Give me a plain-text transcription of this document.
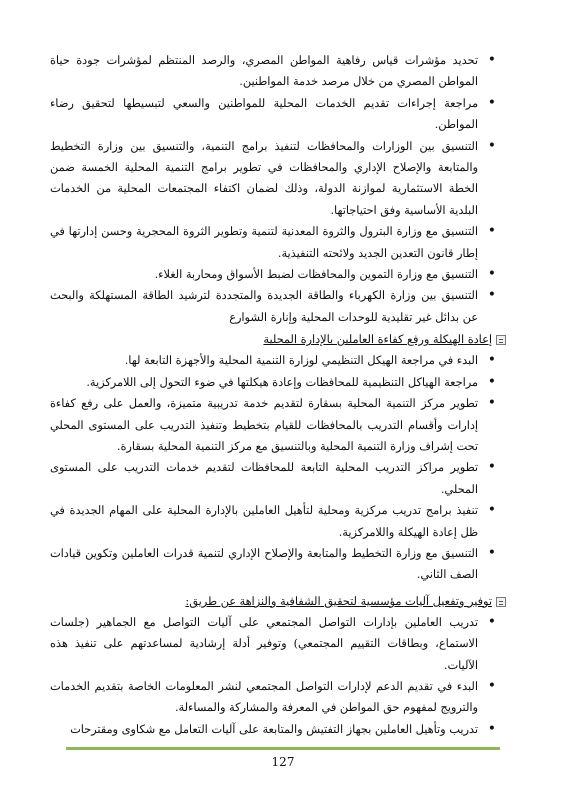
• تحديد مؤشرات قياس رفاهية المواطن المصري، والرصد المنتظم لمؤشرات جودة حياة المواطن المصري من خلال مرصد خدمة المواطنين.
• مراجعة إجراءات تقديم الخدمات المحلية للمواطنين والسعي لتبسيطها لتحقيق رضاء المواطن.
• التنسيق بين الوزارات والمحافظات لتنفيذ برامج التنمية، والتنسيق بين وزارة التخطيط والمتابعة والإصلاح الإداري والمحافظات في تطوير برامج التنمية المحلية الخمسة ضمن الخطة الاستثمارية لموازنة الدولة، وذلك لضمان اكتفاء المجتمعات المحلية من الخدمات البلدية الأساسية وفق احتياجاتها.
• التنسيق مع وزارة البترول والثروة المعدنية لتنمية وتطوير الثروة المحجرية وحسن إدارتها في إطار قانون التعدين الجديد ولائحته التنفيذية.
• التنسيق مع وزارة التموين والمحافظات لضبط الأسواق ومحاربة الغلاء.
• التنسيق بين وزارة الكهرباء والطاقة الجديدة والمتجددة لترشيد الطاقة المستهلكة والبحث عن بدائل غير تقليدية للوحدات المحلية وإنارة الشوارع
إعادة الهيكلة ورفع كفاءة العاملين بالإدارة المحلية
• البدء في مراجعة الهيكل التنظيمي لوزارة التنمية المحلية والأجهزة التابعة لها.
• مراجعة الهياكل التنظيمية للمحافظات وإعادة هيكلتها في ضوء التحول إلى اللامركزية.
• تطوير مركز التنمية المحلية بسقارة لتقديم خدمة تدريبية متميزة، والعمل على رفع كفاءة إدارات وأقسام التدريب بالمحافظات للقيام بتخطيط وتنفيذ التدريب على المستوى المحلي تحت إشراف وزارة التنمية المحلية وبالتنسيق مع مركز التنمية المحلية بسقارة.
• تطوير مراكز التدريب المحلية التابعة للمحافظات لتقديم خدمات التدريب على المستوى المحلي.
• تنفيذ برامج تدريب مركزية ومحلية لتأهيل العاملين بالإدارة المحلية على المهام الجديدة في ظل إعادة الهيكلة واللامركزية.
• التنسيق مع وزارة التخطيط والمتابعة والإصلاح الإداري لتنمية قدرات العاملين وتكوين قيادات الصف الثاني.
توفير وتفعيل آليات مؤسسية لتحقيق الشفافية والنزاهة عن طريق:
• تدريب العاملين بإدارات التواصل المجتمعي على آليات التواصل مع الجماهير (جلسات الاستماع، وبطاقات التقييم المجتمعي) وتوفير أدلة إرشادية لمساعدتهم على تنفيذ هذه الآليات.
• البدء في تقديم الدعم لإدارات التواصل المجتمعي لنشر المعلومات الخاصة بتقديم الخدمات والترويج لمفهوم حق المواطن في المعرفة والمشاركة والمساءلة.
• تدريب وتأهيل العاملين بجهاز التفتيش والمتابعة على آليات التعامل مع شكاوى ومقترحات
127
